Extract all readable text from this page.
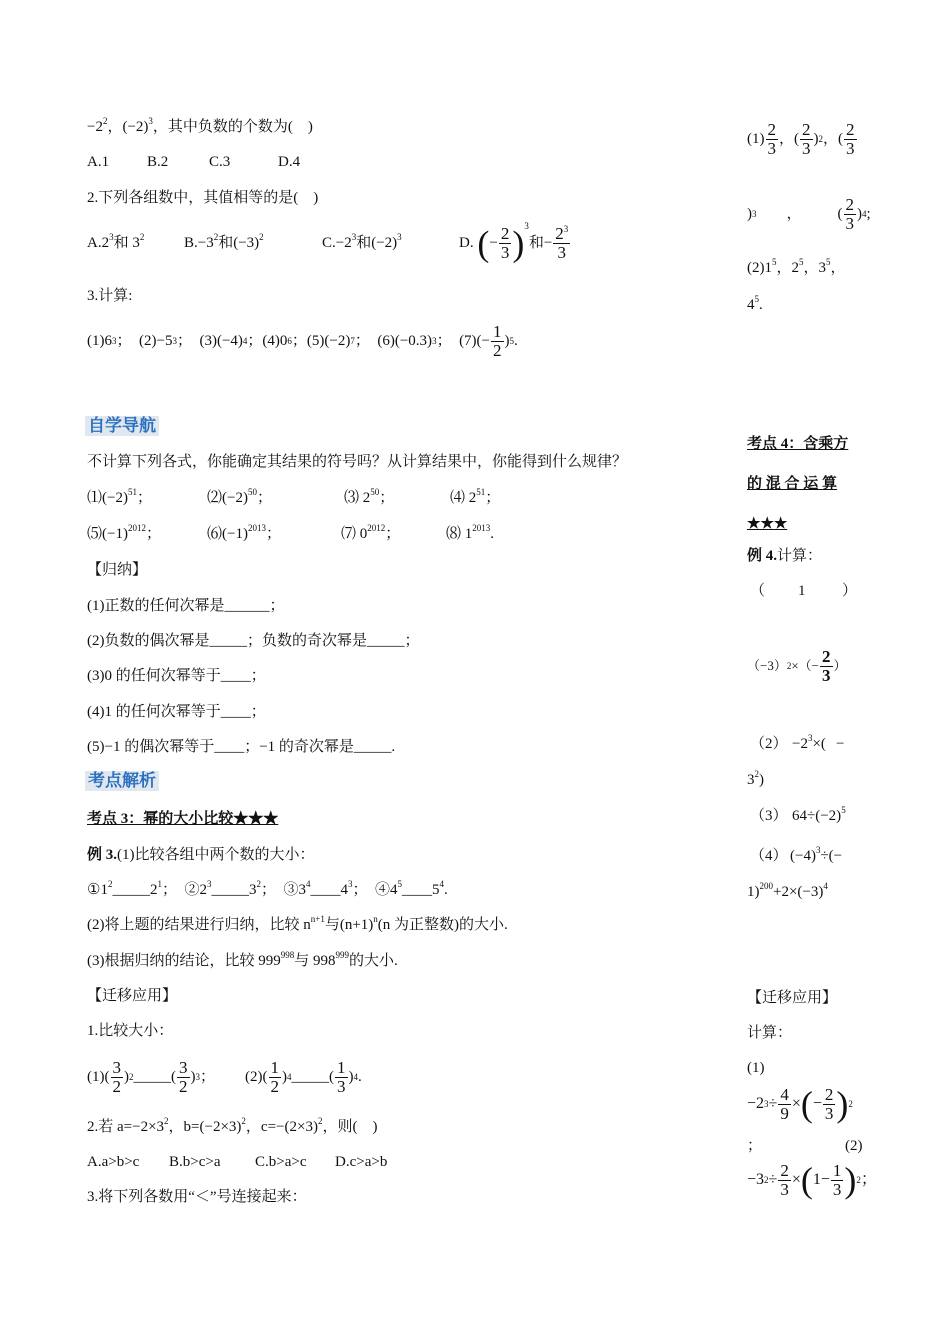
$-2^2$，$(-2)^3$，其中负数的个数为(　)
A.1	B.2	C.3	D.4
2.下列各组数中，其值相等的是(　)
$A.2^3$和 $3^2$	$B.-3^2$和$(-3)^2$	$C.-2^3$和$(-2)^3$	D. (− $\frac{2}{3} )^3$和− $\frac{2^3}{3}$
3.计算:
(1)6 3 ；　(2)−5 3 ；　(3)(−4) 4 ；(4)0 6 ；(5)(−2) 7 ；　(6)(−0.3) 3 ；　$(7)(- \frac{1}{2}$ ) 5 .
自学导航
不计算下列各式，你能确定其结果的符号吗？从计算结果中，你能得到什么规律？
$⑴(-2)^{51}$；	$⑵(-2)^{50}$；	⑶ $2^{50}$；	⑷ $2^{51}$；
$⑸(-1)^{2012}$；	$⑹(-1)^{2013}$；	⑺ $0^{2012}$；	⑻ $1^{2013}$.
【归纳】
(1)正数的任何次幂是______；
(2)负数的偶次幂是_____；负数的奇次幂是_____；
(3)0 的任何次幂等于____；
(4)1 的任何次幂等于____；
(5)−1 的偶次幂等于____；−1 的奇次幂是_____.
考点解析
考点 3：幂的大小比较★★★
例 3.(1)比较各组中两个数的大小：
$①1^2\_\_\_\_\_2^1$；　$②2^3\_\_\_\_\_3^2$；　$③3^4\_\_\_\_4^3$；　$④4^5\_\_\_\_5^4$.
(2)将上题的结果进行归纳，比较 $n^{n+1}$与$(n+1)^n(n$ 为正整数)的大小.
(3)根据归纳的结论，比较 $999^{998}$与 $998^{999}$的大小.
【迁移应用】
1.比较大小：
$(1)( \frac{3}{2}$ ) 2 _____( $\frac{3}{2}$ ) 3 ； $(2)( \frac{1}{2}$ ) 4 _____( $\frac{1}{3}$ ) 4 .
2.若 $a=-2\times 3^2$，$b=(-2\times 3)^2$，$c=-(2\times 3)^2$，则(　)
A.a>b>c B.b>c>a C.b>a>c D.c>a>b
3.将下列各数用“＜”号连接起来：
$(1) \frac{2}{3}$ ，( $\frac{2}{3}$ ) 2 ，( $\frac{2}{3}$
) 3 ， ( $\frac{2}{3}$ ) 4 ;
$(2)1^5$，$2^5$，$3^5$，
$4^5$.
考点 4：含乘方
的 混 合 运 算
★★★
例 4.计算：
（ 1 ）
（−3） 2 ×（− $\frac{2}{3}$ ）
$(2) -2^3\times$( −
$3^2$)
（3） $64\div(-2)^5$
（4） $(-4)^3\div(-$
$1)^{200}+2\times(-3)^4$
【迁移应用】
计算：
(1)
−2 $3 \div \frac{4}{9}$ × ( − $\frac{2}{3}$ ) 2
；	(2)
−3 $2 \div \frac{2}{3}$ × ( $1- \frac{1}{3}$ ) 2 ；
